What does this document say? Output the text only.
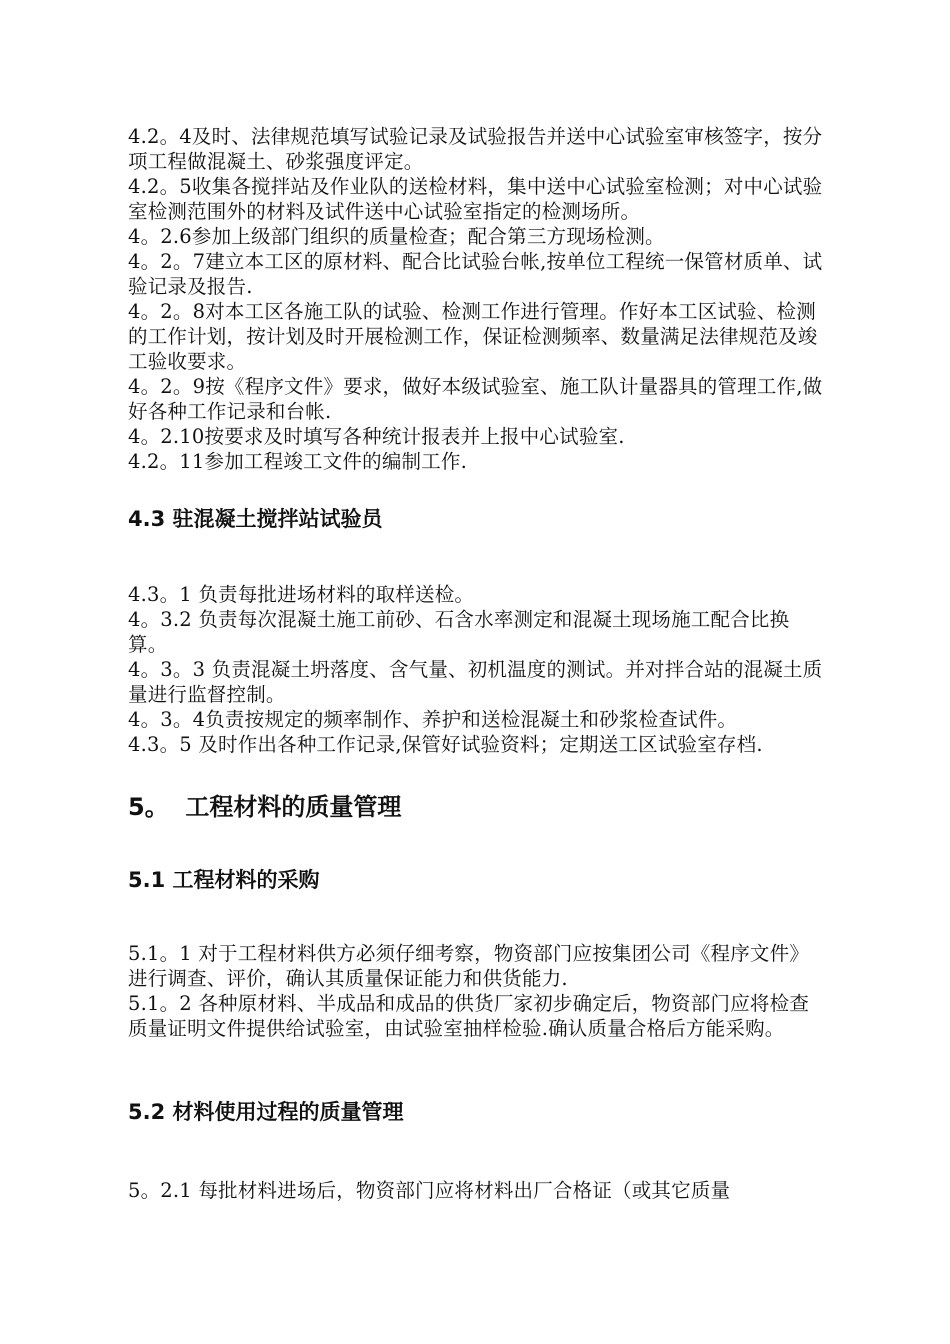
4.2。4及时、法律规范填写试验记录及试验报告并送中心试验室审核签字，按分项工程做混凝土、砂浆强度评定。

4.2。5收集各搅拌站及作业队的送检材料，集中送中心试验室检测；对中心试验室检测范围外的材料及试件送中心试验室指定的检测场所。

4。2.6参加上级部门组织的质量检查；配合第三方现场检测。

4。2。7建立本工区的原材料、配合比试验台帐,按单位工程统一保管材质单、试验记录及报告.

4。2。8对本工区各施工队的试验、检测工作进行管理。作好本工区试验、检测的工作计划，按计划及时开展检测工作，保证检测频率、数量满足法律规范及竣工验收要求。

4。2。9按《程序文件》要求，做好本级试验室、施工队计量器具的管理工作,做好各种工作记录和台帐.

4。2.10按要求及时填写各种统计报表并上报中心试验室.

4.2。11参加工程竣工文件的编制工作.

4.3 驻混凝土搅拌站试验员

4.3。1 负责每批进场材料的取样送检。

4。3.2 负责每次混凝土施工前砂、石含水率测定和混凝土现场施工配合比换算。

4。3。3 负责混凝土坍落度、含气量、初机温度的测试。并对拌合站的混凝土质量进行监督控制。

4。3。4负责按规定的频率制作、养护和送检混凝土和砂浆检查试件。

4.3。5 及时作出各种工作记录,保管好试验资料；定期送工区试验室存档.

5。  工程材料的质量管理
5.1 工程材料的采购

5.1。1 对于工程材料供方必须仔细考察，物资部门应按集团公司《程序文件》进行调查、评价，确认其质量保证能力和供货能力.

5.1。2 各种原材料、半成品和成品的供货厂家初步确定后，物资部门应将检查质量证明文件提供给试验室，由试验室抽样检验.确认质量合格后方能采购。

5.2 材料使用过程的质量管理

5。2.1 每批材料进场后，物资部门应将材料出厂合格证（或其它质量
